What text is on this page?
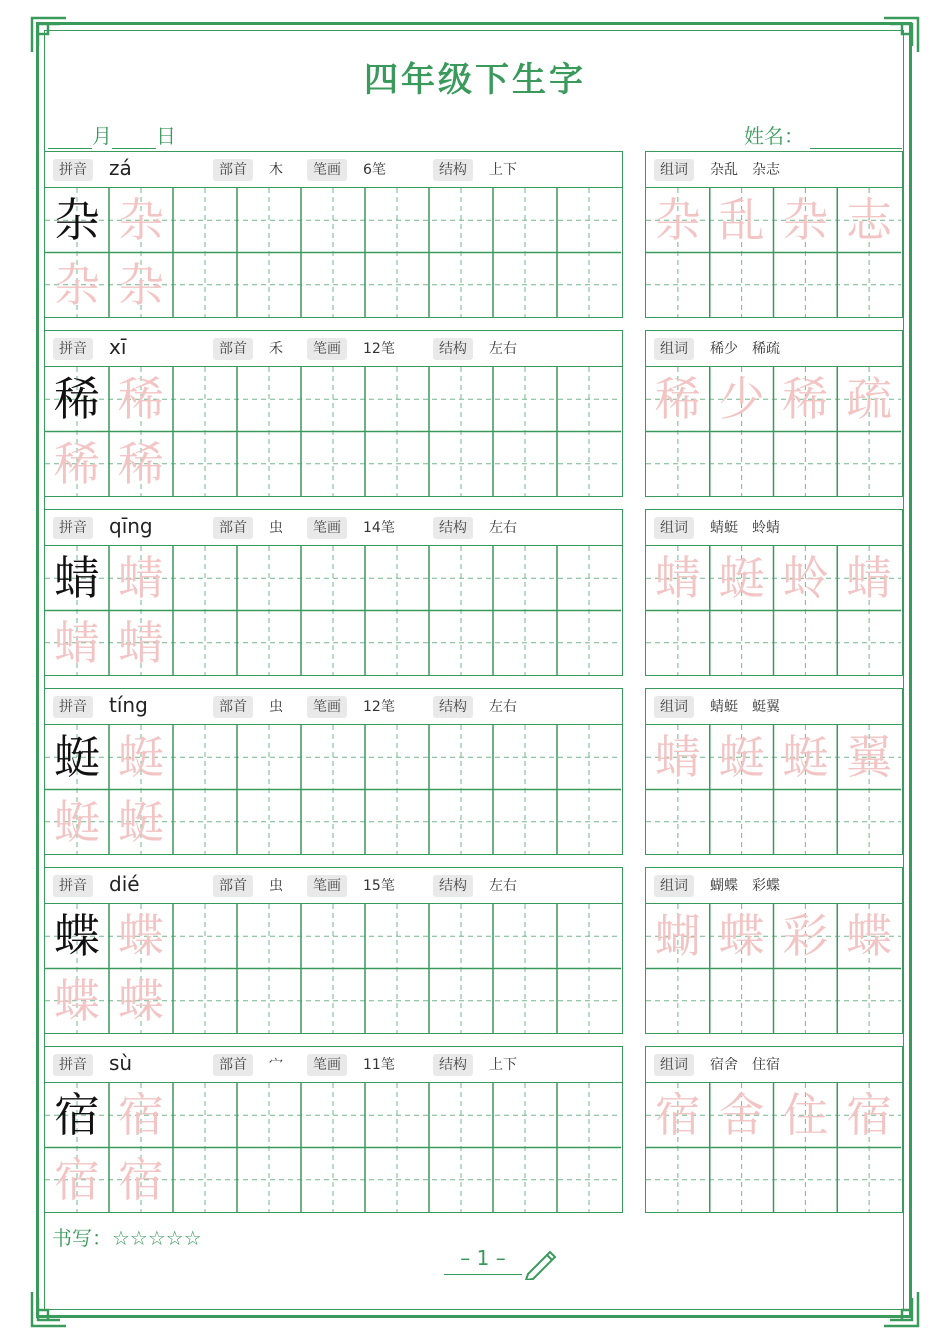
四年级下生字
月 日	姓名：
拼音	zá	部首	木	笔画	6笔	结构	上下
杂 杂
杂 杂
组词	杂乱　杂志
杂 乱 杂 志
拼音	xī	部首	禾	笔画	12笔	结构	左右
稀 稀
稀 稀
组词	稀少　稀疏
稀 少 稀 疏
拼音	qīng	部首	虫	笔画	14笔	结构	左右
蜻 蜻
蜻 蜻
组词	蜻蜓　蛉蜻
蜻 蜓 蛉 蜻
拼音	tíng	部首	虫	笔画	12笔	结构	左右
蜓 蜓
蜓 蜓
组词	蜻蜓　蜓翼
蜻 蜓 蜓 翼
拼音	dié	部首	虫	笔画	15笔	结构	左右
蝶 蝶
蝶 蝶
组词	蝴蝶　彩蝶
蝴 蝶 彩 蝶
拼音	sù	部首	宀	笔画	11笔	结构	上下
宿 宿
宿 宿
组词	宿舍　住宿
宿 舍 住 宿
书写：☆☆☆☆☆
– 1 –
